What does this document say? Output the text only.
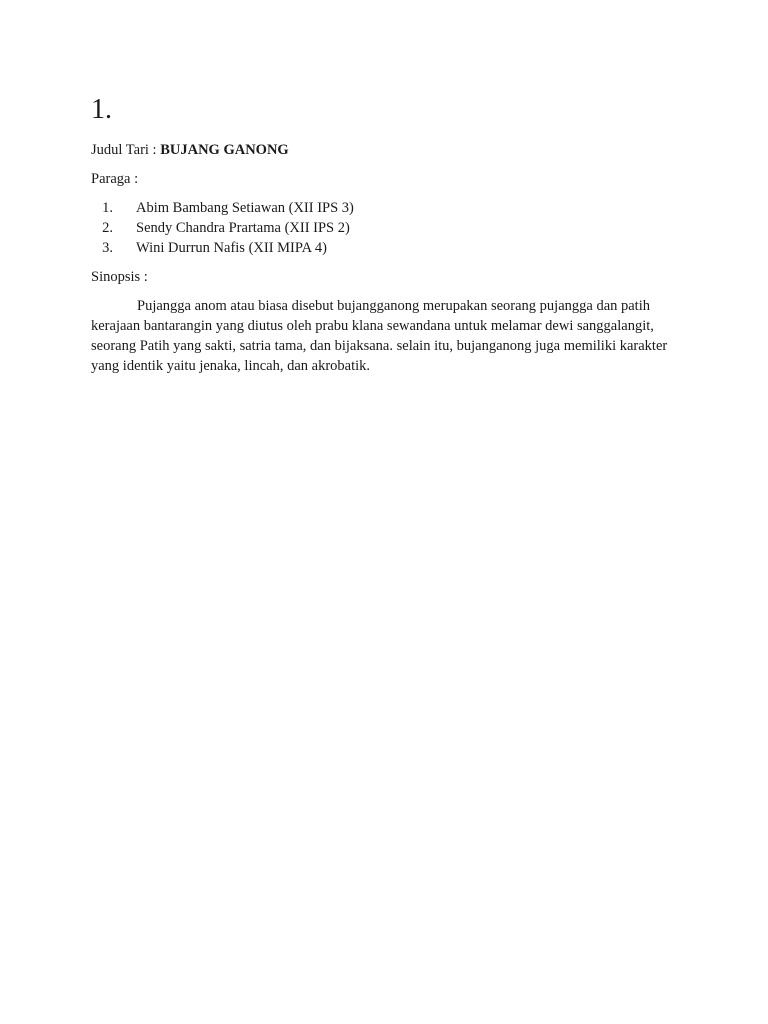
1.

Judul Tari : BUJANG GANONG

Paraga :

1. Abim Bambang Setiawan (XII IPS 3)
2. Sendy Chandra Prartama (XII IPS 2)
3. Wini Durrun Nafis (XII MIPA 4)

Sinopsis :

Pujangga anom atau biasa disebut bujangganong merupakan seorang pujangga dan patih kerajaan bantarangin yang diutus oleh prabu klana sewandana untuk melamar dewi sanggalangit, seorang Patih yang sakti, satria tama, dan bijaksana. selain itu, bujanganong juga memiliki karakter yang identik yaitu jenaka, lincah, dan akrobatik.
